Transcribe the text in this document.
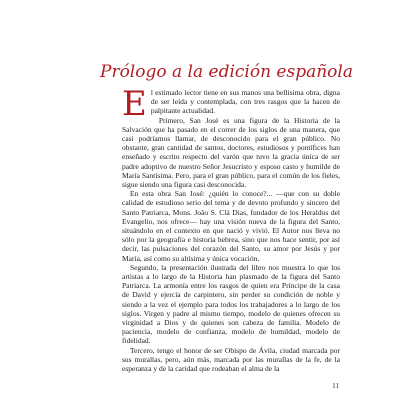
Prólogo a la edición española

El estimado lector tiene en sus manos una bellísima obra, digna de ser leída y contemplada, con tres rasgos que la hacen de palpitante actualidad.

Primero, San José es una figura de la Historia de la Salvación que ha pasado en el correr de los siglos de una manera, que casi podríamos llamar, de desconocido para el gran público. No obstante, gran cantidad de santos, doctores, estudiosos y pontífices han enseñado y escrito respecto del varón que tuvo la gracia única de ser padre adoptivo de nuestro Señor Jesucristo y esposo casto y humilde de María Santísima. Pero, para el gran público, para el común de los fieles, sigue siendo una figura casi desconocida.

En esta obra San José: ¿quién lo conoce?... —que con su doble calidad de estudioso serio del tema y de devoto profundo y sincero del Santo Patriarca, Mons. João S. Clá Dias, fundador de los Heraldos del Evangelio, nos ofrece— hay una visión nueva de la figura del Santo, situándolo en el contexto en que nació y vivió. El Autor nos lleva no sólo por la geografía e historia hebrea, sino que nos hace sentir, por así decir, las pulsaciones del corazón del Santo, su amor por Jesús y por María, así como su altísima y única vocación.

Segundo, la presentación ilustrada del libro nos muestra lo que los artistas a lo largo de la Historia han plasmado de la figura del Santo Patriarca. La armonía entre los rasgos de quien era Príncipe de la casa de David y ejercía de carpintero, sin perder su condición de noble y siendo a la vez el ejemplo para todos los trabajadores a lo largo de los siglos. Virgen y padre al mismo tiempo, modelo de quienes ofrecen su virginidad a Dios y de quienes son cabeza de familia. Modelo de paciencia, modelo de confianza, modelo de humildad, modelo de fidelidad.

Tercero, tengo el honor de ser Obispo de Ávila, ciudad marcada por sus murallas, pero, aún más, marcada por las murallas de la fe, de la esperanza y de la caridad que rodeaban el alma de la

11
